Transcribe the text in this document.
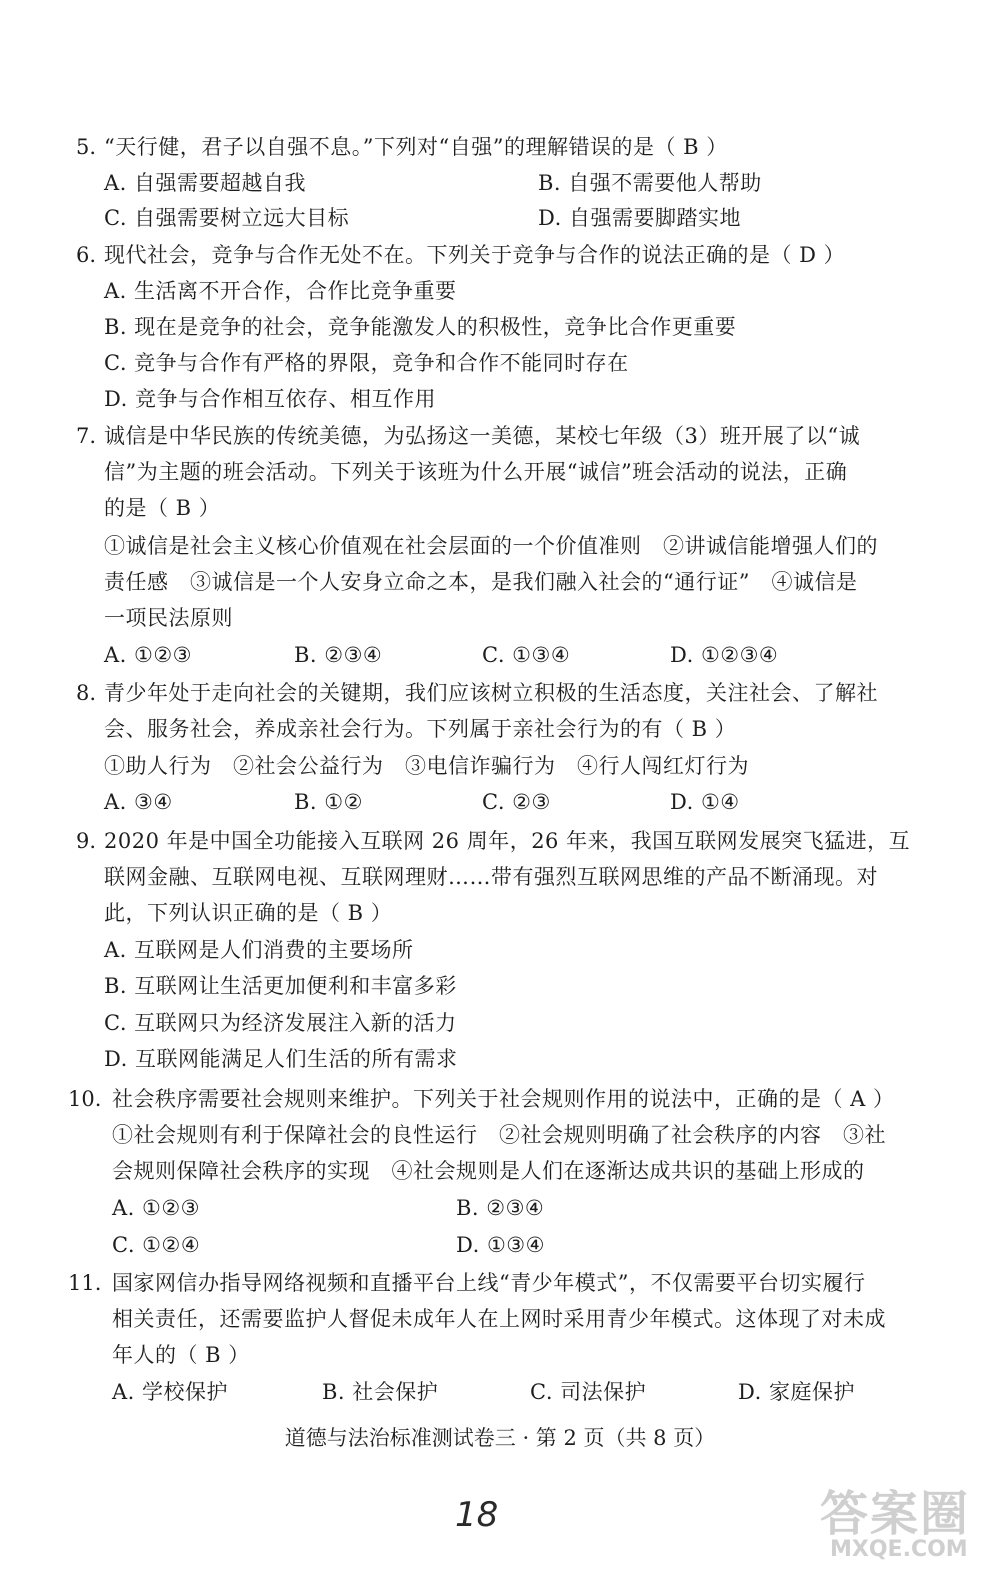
5. “天行健，君子以自强不息。”下列对“自强”的理解错误的是（ B ）
A. 自强需要超越自我	B. 自强不需要他人帮助
C. 自强需要树立远大目标	D. 自强需要脚踏实地
6. 现代社会，竞争与合作无处不在。下列关于竞争与合作的说法正确的是（ D ）
A. 生活离不开合作，合作比竞争重要
B. 现在是竞争的社会，竞争能激发人的积极性，竞争比合作更重要
C. 竞争与合作有严格的界限，竞争和合作不能同时存在
D. 竞争与合作相互依存、相互作用
7. 诚信是中华民族的传统美德，为弘扬这一美德，某校七年级（3）班开展了以“诚
信”为主题的班会活动。下列关于该班为什么开展“诚信”班会活动的说法，正确
的是（ B ）
①诚信是社会主义核心价值观在社会层面的一个价值准则　②讲诚信能增强人们的
责任感　③诚信是一个人安身立命之本，是我们融入社会的“通行证”　④诚信是
一项民法原则
A. ①②③	B. ②③④	C. ①③④	D. ①②③④
8. 青少年处于走向社会的关键期，我们应该树立积极的生活态度，关注社会、了解社
会、服务社会，养成亲社会行为。下列属于亲社会行为的有（ B ）
①助人行为　②社会公益行为　③电信诈骗行为　④行人闯红灯行为
A. ③④	B. ①②	C. ②③	D. ①④
9. 2020 年是中国全功能接入互联网 26 周年，26 年来，我国互联网发展突飞猛进，互
联网金融、互联网电视、互联网理财……带有强烈互联网思维的产品不断涌现。对
此，下列认识正确的是（ B ）
A. 互联网是人们消费的主要场所
B. 互联网让生活更加便利和丰富多彩
C. 互联网只为经济发展注入新的活力
D. 互联网能满足人们生活的所有需求
10. 社会秩序需要社会规则来维护。下列关于社会规则作用的说法中，正确的是（ A ）
①社会规则有利于保障社会的良性运行　②社会规则明确了社会秩序的内容　③社
会规则保障社会秩序的实现　④社会规则是人们在逐渐达成共识的基础上形成的
A. ①②③	B. ②③④
C. ①②④	D. ①③④
11. 国家网信办指导网络视频和直播平台上线“青少年模式”，不仅需要平台切实履行
相关责任，还需要监护人督促未成年人在上网时采用青少年模式。这体现了对未成
年人的（ B ）
A. 学校保护	B. 社会保护	C. 司法保护	D. 家庭保护
道德与法治标准测试卷三 · 第 2 页（共 8 页）
18	答案圈
MXQE.COM
